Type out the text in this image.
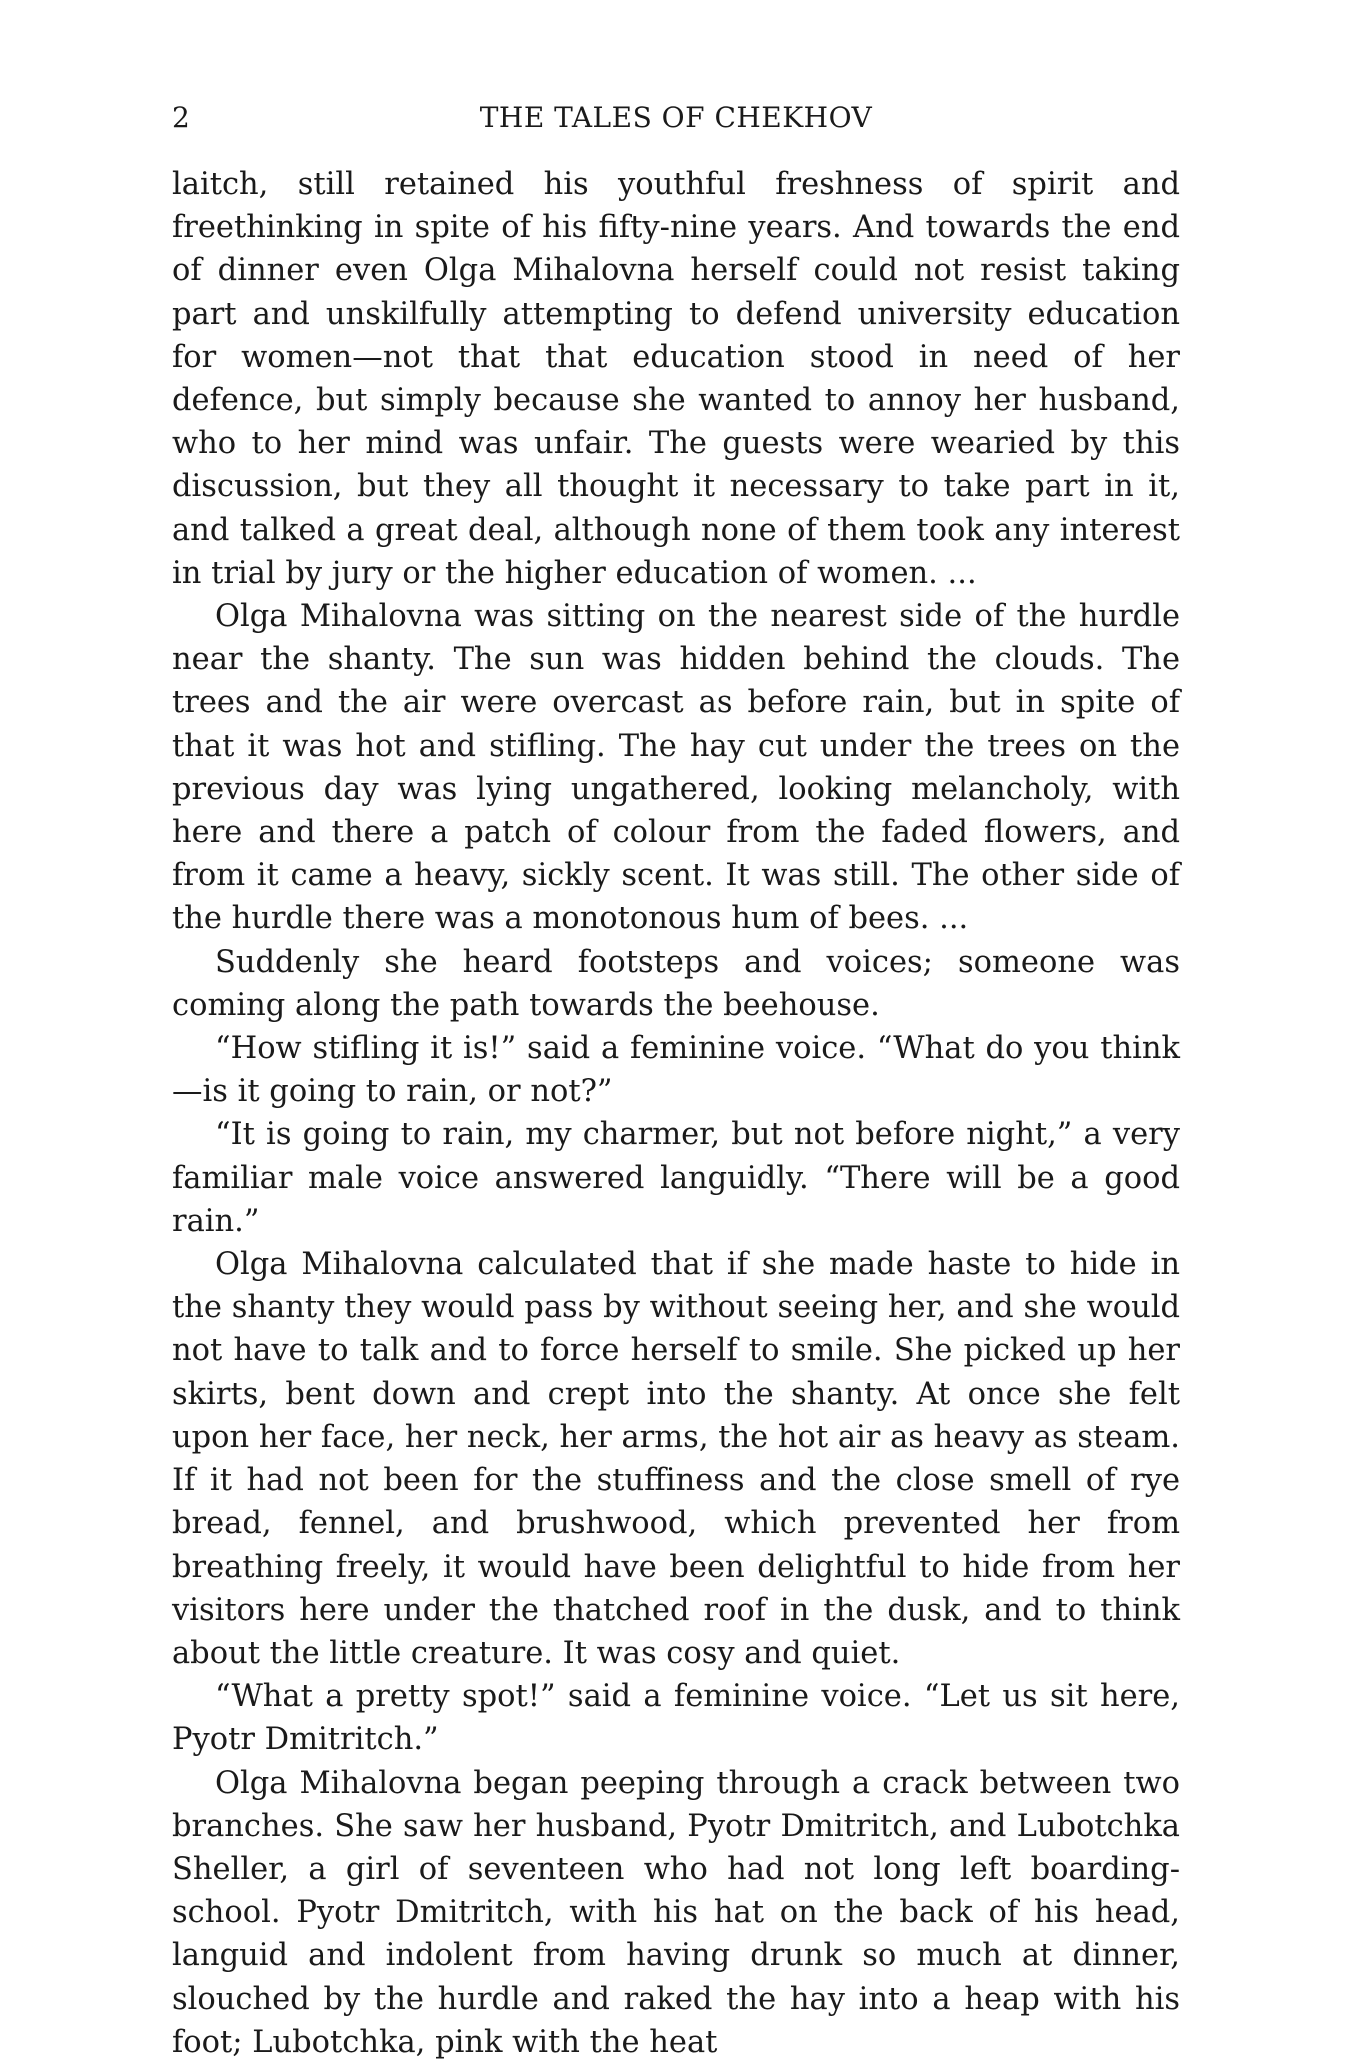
2	THE TALES OF CHEKHOV

laitch, still retained his youthful freshness of spirit and freethinking in spite of his fifty-nine years. And towards the end of dinner even Olga Mihalovna herself could not resist taking part and unskilfully attempting to defend university education for women—not that that education stood in need of her defence, but simply because she wanted to annoy her husband, who to her mind was unfair. The guests were wearied by this discussion, but they all thought it necessary to take part in it, and talked a great deal, although none of them took any interest in trial by jury or the higher education of women. ...

Olga Mihalovna was sitting on the nearest side of the hurdle near the shanty. The sun was hidden behind the clouds. The trees and the air were overcast as before rain, but in spite of that it was hot and stifling. The hay cut under the trees on the previous day was lying ungathered, looking melancholy, with here and there a patch of colour from the faded flowers, and from it came a heavy, sickly scent. It was still. The other side of the hurdle there was a monotonous hum of bees. ...

Suddenly she heard footsteps and voices; someone was coming along the path towards the beehouse.

“How stifling it is!” said a feminine voice. “What do you think—is it going to rain, or not?”

“It is going to rain, my charmer, but not before night,” a very familiar male voice answered languidly. “There will be a good rain.”

Olga Mihalovna calculated that if she made haste to hide in the shanty they would pass by without seeing her, and she would not have to talk and to force herself to smile. She picked up her skirts, bent down and crept into the shanty. At once she felt upon her face, her neck, her arms, the hot air as heavy as steam. If it had not been for the stuffiness and the close smell of rye bread, fennel, and brushwood, which prevented her from breathing freely, it would have been delightful to hide from her visitors here under the thatched roof in the dusk, and to think about the little creature. It was cosy and quiet.

“What a pretty spot!” said a feminine voice. “Let us sit here, Pyotr Dmitritch.”

Olga Mihalovna began peeping through a crack between two branches. She saw her husband, Pyotr Dmitritch, and Lubotchka Sheller, a girl of seventeen who had not long left boarding-school. Pyotr Dmitritch, with his hat on the back of his head, languid and indolent from having drunk so much at dinner, slouched by the hurdle and raked the hay into a heap with his foot; Lubotchka, pink with the heat
